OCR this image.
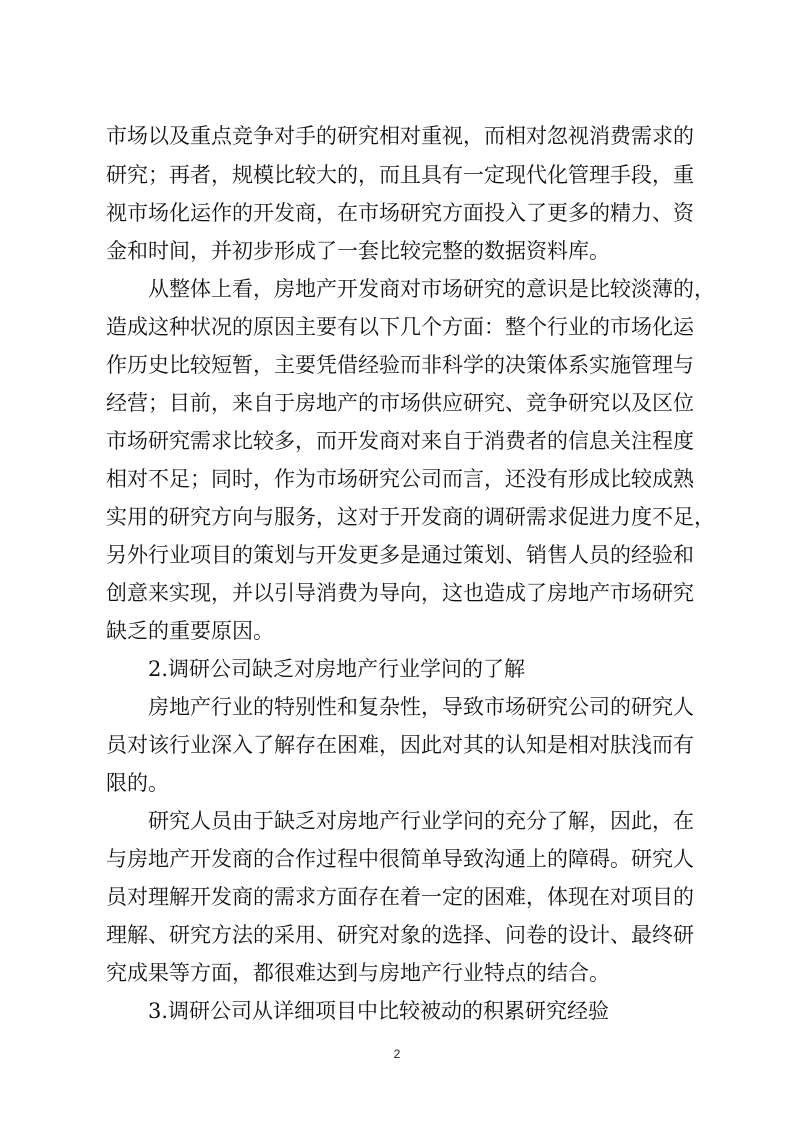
市场以及重点竞争对手的研究相对重视，而相对忽视消费需求的
研究；再者，规模比较大的，而且具有一定现代化管理手段，重
视市场化运作的开发商，在市场研究方面投入了更多的精力、资
金和时间，并初步形成了一套比较完整的数据资料库。
从整体上看，房地产开发商对市场研究的意识是比较淡薄的，
造成这种状况的原因主要有以下几个方面：整个行业的市场化运
作历史比较短暂，主要凭借经验而非科学的决策体系实施管理与
经营；目前，来自于房地产的市场供应研究、竞争研究以及区位
市场研究需求比较多，而开发商对来自于消费者的信息关注程度
相对不足；同时，作为市场研究公司而言，还没有形成比较成熟
实用的研究方向与服务，这对于开发商的调研需求促进力度不足，
另外行业项目的策划与开发更多是通过策划、销售人员的经验和
创意来实现，并以引导消费为导向，这也造成了房地产市场研究
缺乏的重要原因。
2.调研公司缺乏对房地产行业学问的了解
房地产行业的特别性和复杂性，导致市场研究公司的研究人
员对该行业深入了解存在困难，因此对其的认知是相对肤浅而有
限的。
研究人员由于缺乏对房地产行业学问的充分了解，因此，在
与房地产开发商的合作过程中很简单导致沟通上的障碍。研究人
员对理解开发商的需求方面存在着一定的困难，体现在对项目的
理解、研究方法的采用、研究对象的选择、问卷的设计、最终研
究成果等方面，都很难达到与房地产行业特点的结合。
3.调研公司从详细项目中比较被动的积累研究经验
2
